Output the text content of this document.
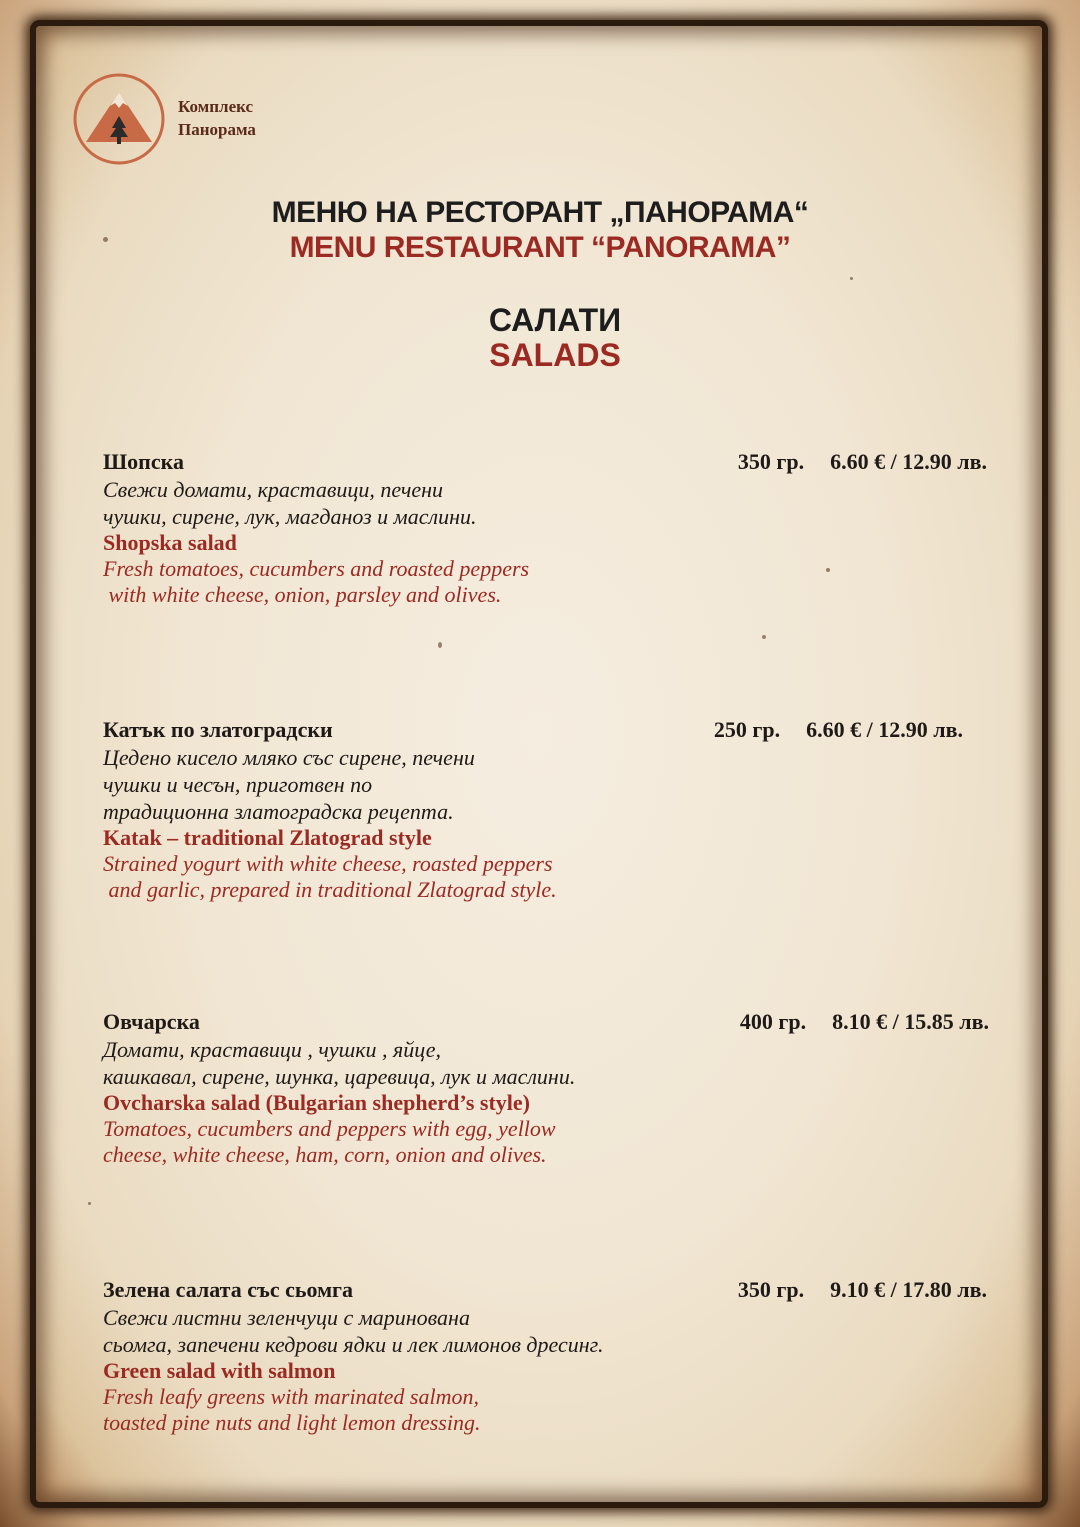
Комплекс
Панорама
МЕНЮ НА РЕСТОРАНТ „ПАНОРАМА“
MENU RESTAURANT “PANORAMA”
САЛАТИ
SALADS
Шопска	350 гр. 6.60 € / 12.90 лв.
Свежи домати, краставици, печени
чушки, сирене, лук, магданоз и маслини.
Shopska salad
Fresh tomatoes, cucumbers and roasted peppers
with white cheese, onion, parsley and olives.
Катък по златоградски	250 гр. 6.60 € / 12.90 лв.
Цедено кисело мляко със сирене, печени
чушки и чесън, приготвен по
традиционна златоградска рецепта.
Katak – traditional Zlatograd style
Strained yogurt with white cheese, roasted peppers
and garlic, prepared in traditional Zlatograd style.
Овчарска	400 гр. 8.10 € / 15.85 лв.
Домати, краставици , чушки , яйце,
кашкавал, сирене, шунка, царевица, лук и маслини.
Ovcharska salad (Bulgarian shepherd’s style)
Tomatoes, cucumbers and peppers with egg, yellow
cheese, white cheese, ham, corn, onion and olives.
Зелена салата със сьомга	350 гр. 9.10 € / 17.80 лв.
Свежи листни зеленчуци с маринована
сьомга, запечени кедрови ядки и лек лимонов дресинг.
Green salad with salmon
Fresh leafy greens with marinated salmon,
toasted pine nuts and light lemon dressing.
